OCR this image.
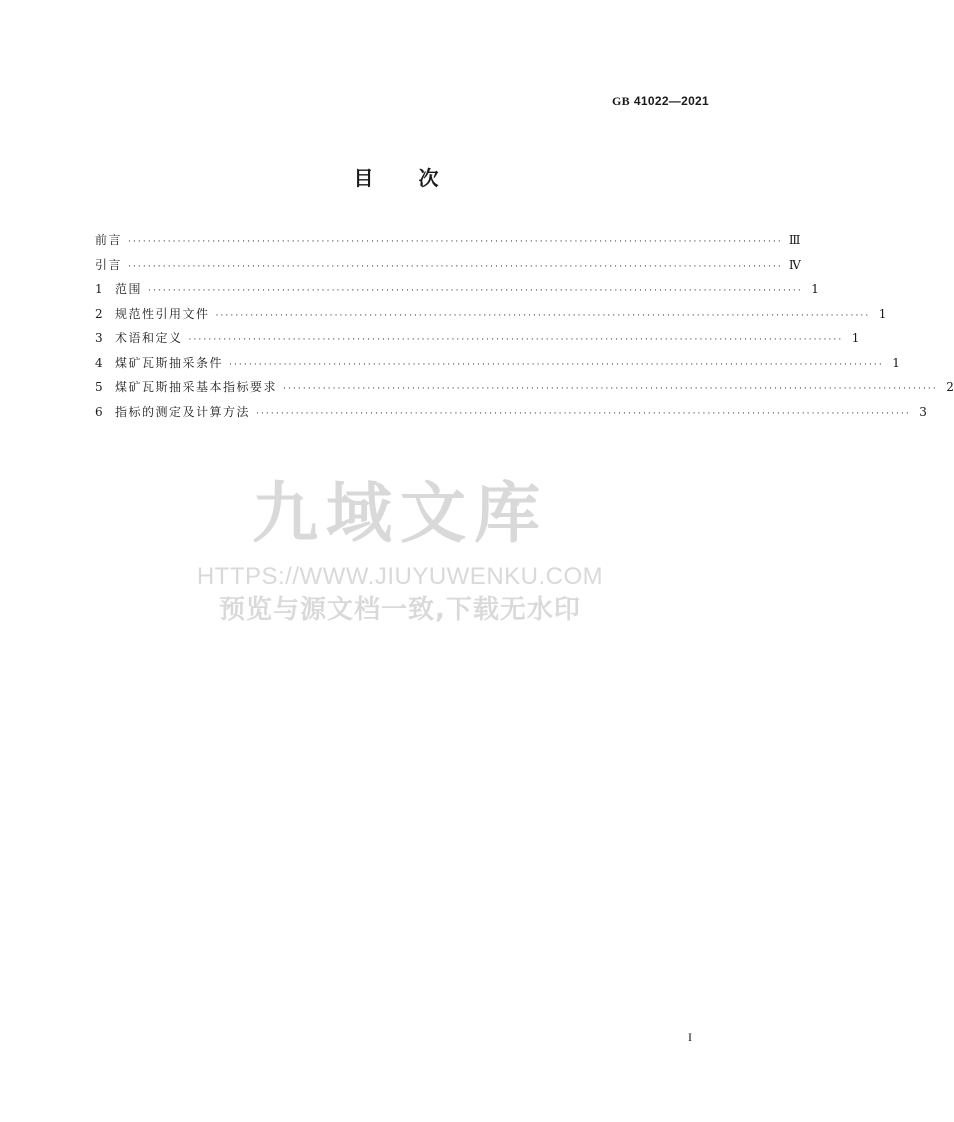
GB 41022—2021
目 次
前言 ···································································································································· Ⅲ
引言 ···································································································································· Ⅳ
1	范围 ···································································································································· 1
2	规范性引用文件 ···································································································································· 1
3	术语和定义 ···································································································································· 1
4	煤矿瓦斯抽采条件 ···································································································································· 1
5	煤矿瓦斯抽采基本指标要求 ···································································································································· 2
6	指标的测定及计算方法 ···································································································································· 3
九域文库
HTTPS://WWW.JIUYUWENKU.COM
预览与源文档一致,下载无水印
I
